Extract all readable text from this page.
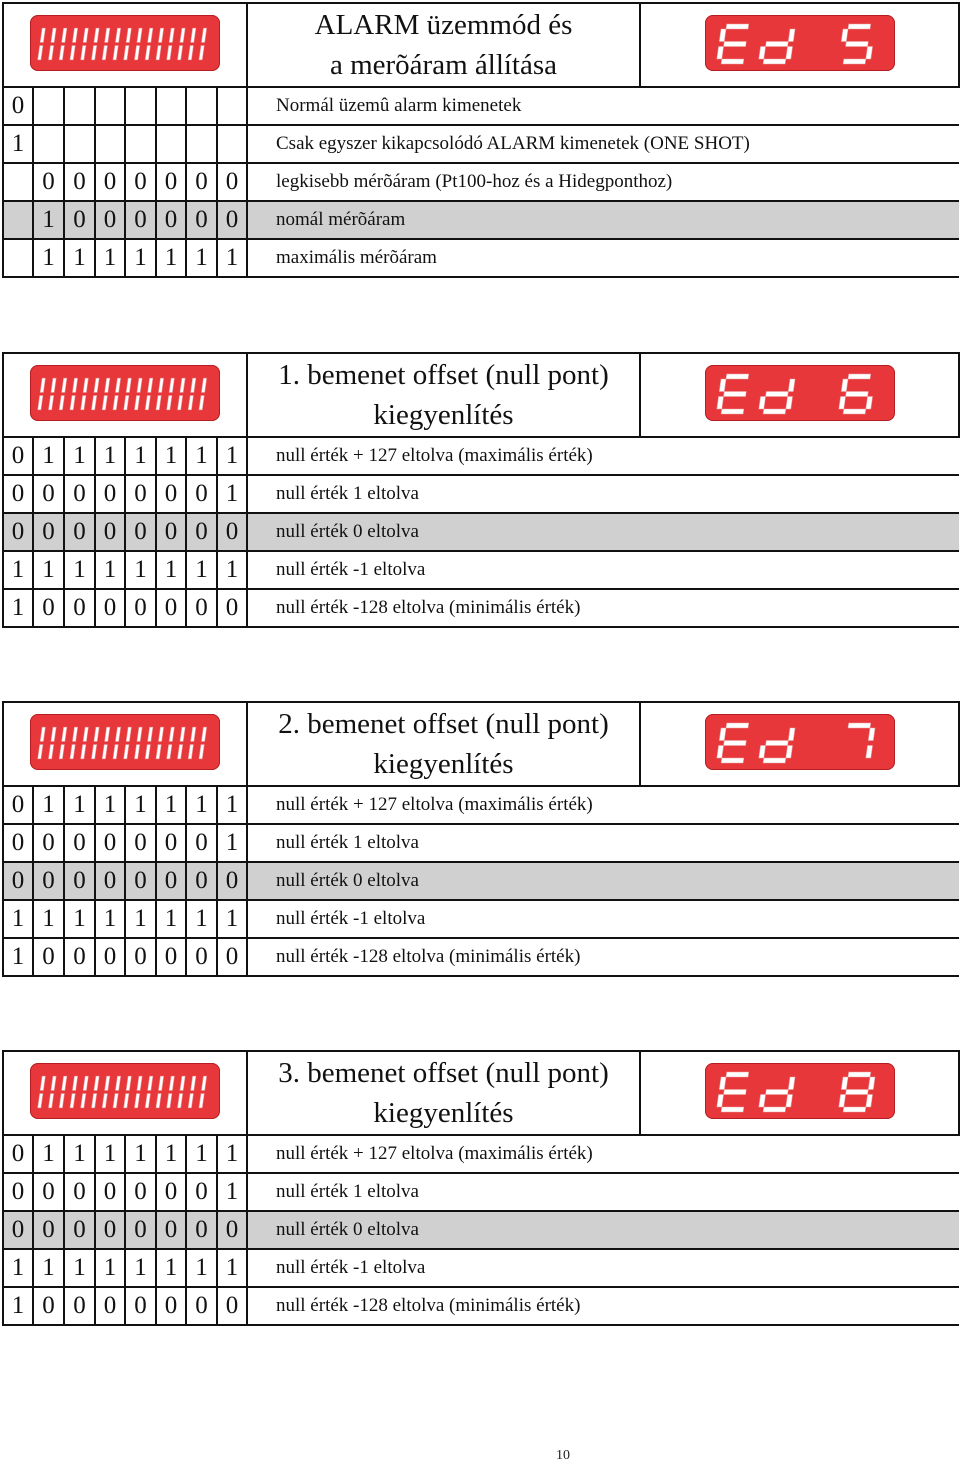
ALARM üzemmód és
a merõáram állítása

0								Normál üzemû alarm kimenetek	
1								Csak egyszer kikapcsolódó ALARM kimenetek (ONE SHOT)	
	0	0	0	0	0	0	0	legkisebb mérõáram (Pt100-hoz és a Hidegponthoz)	
	1	0	0	0	0	0	0	nomál mérõáram	
	1	1	1	1	1	1	1	maximális mérõáram	

1. bemenet offset (null pont)
kiegyenlítés

0	1	1	1	1	1	1	1	null érték + 127 eltolva (maximális érték)	
0	0	0	0	0	0	0	1	null érték 1 eltolva	
0	0	0	0	0	0	0	0	null érték 0 eltolva	
1	1	1	1	1	1	1	1	null érték -1 eltolva	
1	0	0	0	0	0	0	0	null érték -128 eltolva (minimális érték)	

2. bemenet offset (null pont)
kiegyenlítés

0	1	1	1	1	1	1	1	null érték + 127 eltolva (maximális érték)	
0	0	0	0	0	0	0	1	null érték 1 eltolva	
0	0	0	0	0	0	0	0	null érték 0 eltolva	
1	1	1	1	1	1	1	1	null érték -1 eltolva	
1	0	0	0	0	0	0	0	null érték -128 eltolva (minimális érték)	

3. bemenet offset (null pont)
kiegyenlítés

0	1	1	1	1	1	1	1	null érték + 127 eltolva (maximális érték)	
0	0	0	0	0	0	0	1	null érték 1 eltolva	
0	0	0	0	0	0	0	0	null érték 0 eltolva	
1	1	1	1	1	1	1	1	null érték -1 eltolva	
1	0	0	0	0	0	0	0	null érték -128 eltolva (minimális érték)	
10
